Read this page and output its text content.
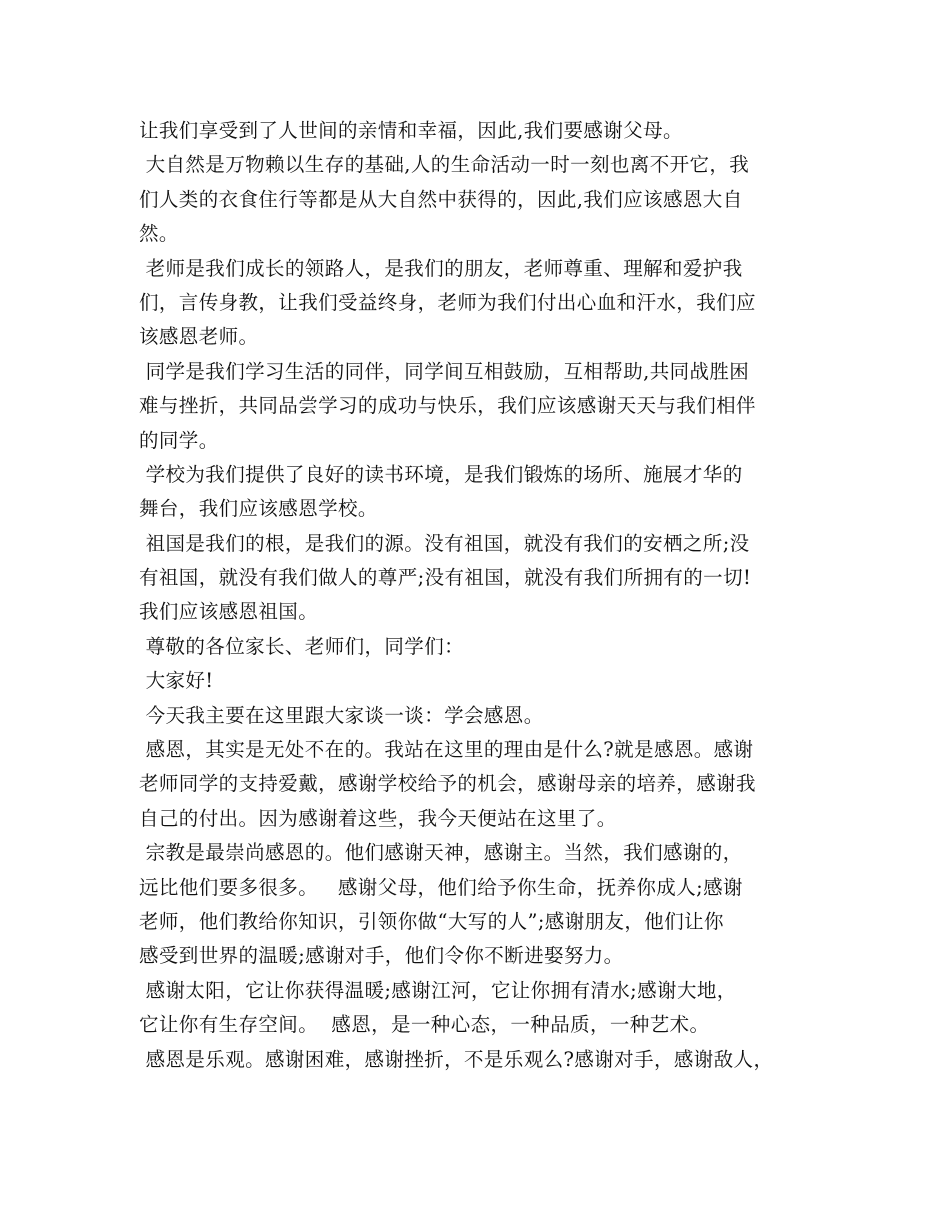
让我们享受到了人世间的亲情和幸福，因此,我们要感谢父母。
大自然是万物赖以生存的基础,人的生命活动一时一刻也离不开它，我
们人类的衣食住行等都是从大自然中获得的，因此,我们应该感恩大自
然。
老师是我们成长的领路人，是我们的朋友，老师尊重、理解和爱护我
们，言传身教，让我们受益终身，老师为我们付出心血和汗水，我们应
该感恩老师。
同学是我们学习生活的同伴，同学间互相鼓励，互相帮助,共同战胜困
难与挫折，共同品尝学习的成功与快乐，我们应该感谢天天与我们相伴
的同学。
学校为我们提供了良好的读书环境，是我们锻炼的场所、施展才华的
舞台，我们应该感恩学校。
祖国是我们的根，是我们的源。没有祖国，就没有我们的安栖之所;没
有祖国，就没有我们做人的尊严;没有祖国，就没有我们所拥有的一切!
我们应该感恩祖国。
尊敬的各位家长、老师们，同学们：
大家好!
今天我主要在这里跟大家谈一谈：学会感恩。
感恩，其实是无处不在的。我站在这里的理由是什么?就是感恩。感谢
老师同学的支持爱戴，感谢学校给予的机会，感谢母亲的培养，感谢我
自己的付出。因为感谢着这些，我今天便站在这里了。
宗教是最崇尚感恩的。他们感谢天神，感谢主。当然，我们感谢的，
远比他们要多很多。   感谢父母，他们给予你生命，抚养你成人;感谢
老师，他们教给你知识，引领你做“大写的人”;感谢朋友，他们让你
感受到世界的温暖;感谢对手，他们令你不断进娶努力。
感谢太阳，它让你获得温暖;感谢江河，它让你拥有清水;感谢大地，
它让你有生存空间。  感恩，是一种心态，一种品质，一种艺术。
感恩是乐观。感谢困难，感谢挫折，不是乐观么?感谢对手，感谢敌人，
